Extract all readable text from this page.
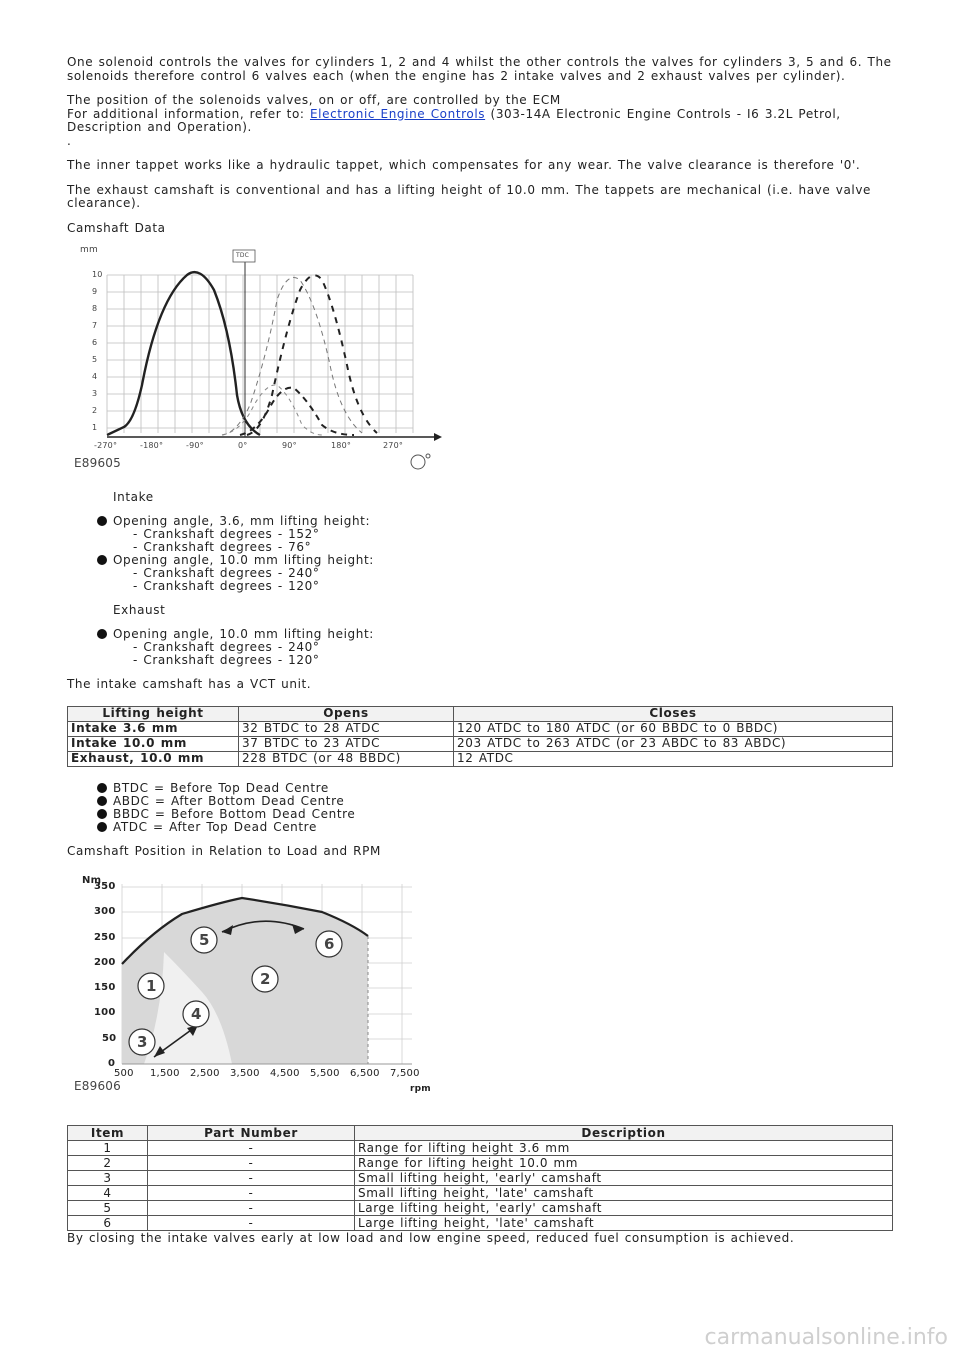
One solenoid controls the valves for cylinders 1, 2 and 4 whilst the other controls the valves for cylinders 3, 5 and 6. The solenoids therefore control 6 valves each (when the engine has 2 intake valves and 2 exhaust valves per cylinder).

The position of the solenoids valves, on or off, are controlled by the ECM
For additional information, refer to: Electronic Engine Controls (303-14A Electronic Engine Controls - I6 3.2L Petrol, Description and Operation).
.

The inner tappet works like a hydraulic tappet, which compensates for any wear. The valve clearance is therefore '0'.

The exhaust camshaft is conventional and has a lifting height of 10.0 mm. The tappets are mechanical (i.e. have valve clearance).

Camshaft Data

mm
TDC
1
2
3
4
5
6
7
8
9
10
-270°	-180°	-90°	0°	90°	180°	270°
E89605

Intake

Opening angle, 3.6, mm lifting height:
- Crankshaft degrees - 152°
- Crankshaft degrees - 76°
Opening angle, 10.0 mm lifting height:
- Crankshaft degrees - 240°
- Crankshaft degrees - 120°

Exhaust

Opening angle, 10.0 mm lifting height:
- Crankshaft degrees - 240°
- Crankshaft degrees - 120°

The intake camshaft has a VCT unit.

Lifting height	Opens	Closes
Intake 3.6 mm	32 BTDC to 28 ATDC	120 ATDC to 180 ATDC (or 60 BBDC to 0 BBDC)
Intake 10.0 mm	37 BTDC to 23 ATDC	203 ATDC to 263 ATDC (or 23 ABDC to 83 ABDC)
Exhaust, 10.0 mm	228 BTDC (or 48 BBDC)	12 ATDC
BTDC = Before Top Dead Centre
ABDC = After Bottom Dead Centre
BBDC = Before Bottom Dead Centre
ATDC = After Top Dead Centre

Camshaft Position in Relation to Load and RPM

1	2
3
4
5	6
Nm
0
50
100
150
200
250
300
350
500 1,500 2,500 3,500 4,500 5,500 6,500 7,500
rpm
E89606
Item	Part Number	Description
1	-	Range for lifting height 3.6 mm
2	-	Range for lifting height 10.0 mm
3	-	Small lifting height, 'early' camshaft
4	-	Small lifting height, 'late' camshaft
5	-	Large lifting height, 'early' camshaft
6	-	Large lifting height, 'late' camshaft

By closing the intake valves early at low load and low engine speed, reduced fuel consumption is achieved.

carmanualsonline.info
